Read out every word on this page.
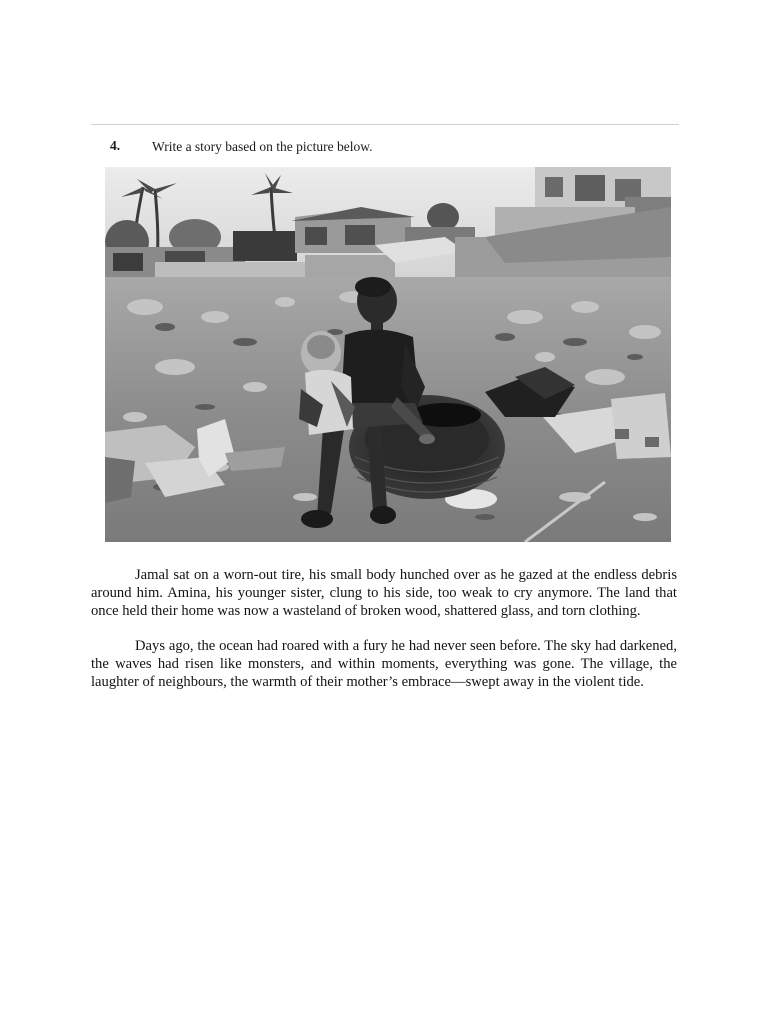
4. Write a story based on the picture below.

Jamal sat on a worn-out tire, his small body hunched over as he gazed at the endless debris around him. Amina, his younger sister, clung to his side, too weak to cry anymore. The land that once held their home was now a wasteland of broken wood, shattered glass, and torn clothing.

Days ago, the ocean had roared with a fury he had never seen before. The sky had darkened, the waves had risen like monsters, and within moments, everything was gone. The village, the laughter of neighbours, the warmth of their mother’s embrace—swept away in the violent tide.
